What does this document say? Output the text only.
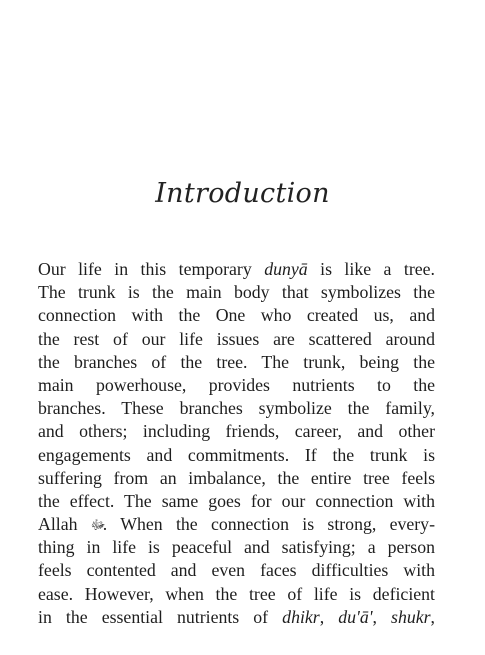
Introduction
Our life in this temporary dunyā is like a tree.
The trunk is the main body that symbolizes the
connection with the One who created us, and
the rest of our life issues are scattered around
the branches of the tree. The trunk, being the
main powerhouse, provides nutrients to the
branches. These branches symbolize the family,
and others; including friends, career, and other
engagements and commitments. If the trunk is
suffering from an imbalance, the entire tree feels
the effect. The same goes for our connection with
Allah ﷻ. When the connection is strong, every-
thing in life is peaceful and satisfying; a person
feels contented and even faces difficulties with
ease. However, when the tree of life is deficient
in the essential nutrients of dhikr, du'ā', shukr,
